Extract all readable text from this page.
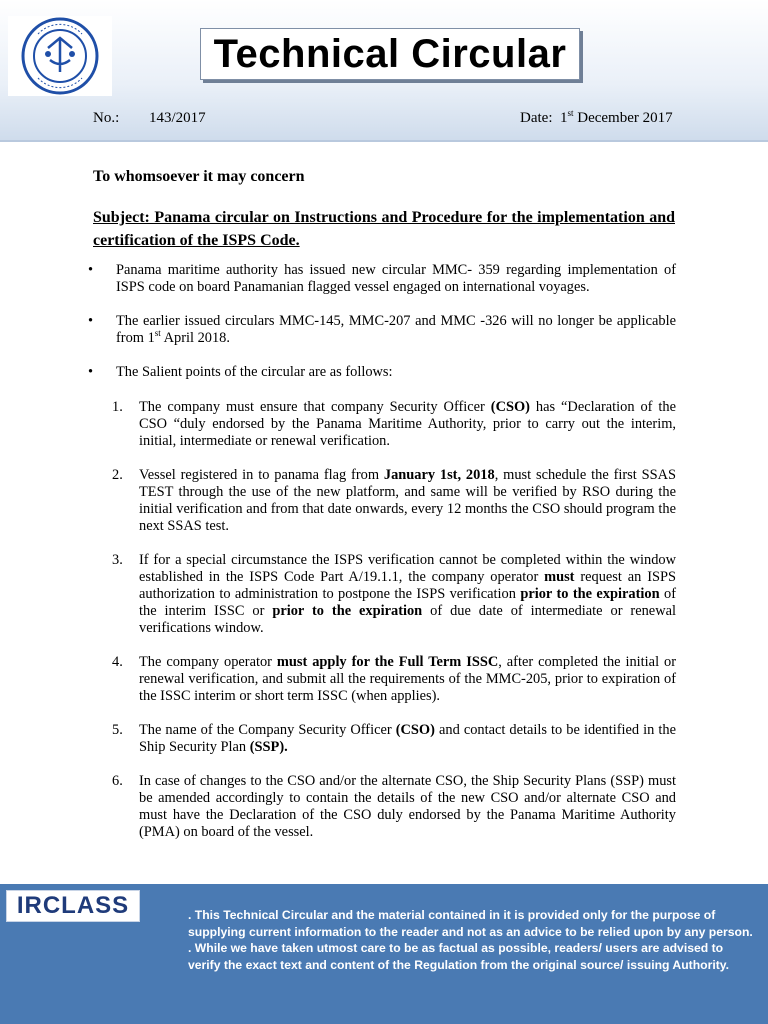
Technical Circular
No.: 143/2017	Date: 1st December 2017
To whomsoever it may concern
Subject: Panama circular on Instructions and Procedure for the implementation and certification of the ISPS Code.
• Panama maritime authority has issued new circular MMC- 359 regarding implementation of ISPS code on board Panamanian flagged vessel engaged on international voyages.
• The earlier issued circulars MMC-145, MMC-207 and MMC -326 will no longer be applicable from 1st April 2018.
• The Salient points of the circular are as follows:
1. The company must ensure that company Security Officer (CSO) has “Declaration of the CSO “duly endorsed by the Panama Maritime Authority, prior to carry out the interim, initial, intermediate or renewal verification.
2. Vessel registered in to panama flag from January 1st, 2018, must schedule the first SSAS TEST through the use of the new platform, and same will be verified by RSO during the initial verification and from that date onwards, every 12 months the CSO should program the next SSAS test.
3. If for a special circumstance the ISPS verification cannot be completed within the window established in the ISPS Code Part A/19.1.1, the company operator must request an ISPS authorization to administration to postpone the ISPS verification prior to the expiration of the interim ISSC or prior to the expiration of due date of intermediate or renewal verifications window.
4. The company operator must apply for the Full Term ISSC, after completed the initial or renewal verification, and submit all the requirements of the MMC-205, prior to expiration of the ISSC interim or short term ISSC (when applies).
5. The name of the Company Security Officer (CSO) and contact details to be identified in the Ship Security Plan (SSP).
6. In case of changes to the CSO and/or the alternate CSO, the Ship Security Plans (SSP) must be amended accordingly to contain the details of the new CSO and/or alternate CSO and must have the Declaration of the CSO duly endorsed by the Panama Maritime Authority (PMA) on board of the vessel.
IRCLASS	. This Technical Circular and the material contained in it is provided only for the purpose of supplying current information to the reader and not as an advice to be relied upon by any person.
. While we have taken utmost care to be as factual as possible, readers/ users are advised to verify the exact text and content of the Regulation from the original source/ issuing Authority.
